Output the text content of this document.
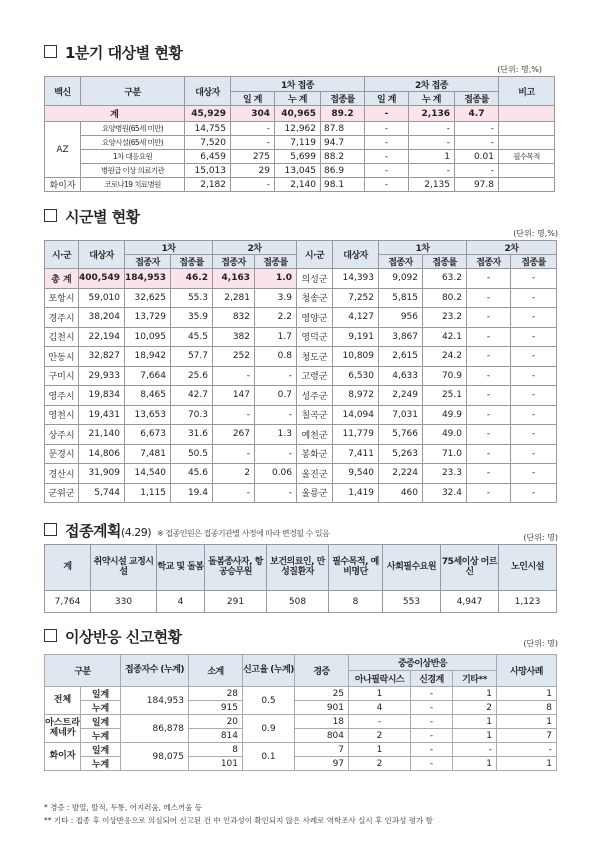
1분기 대상별 현황
(단위: 명,%)
백신	구분	대상자	1차 접종			2차 접종			비고
			일 계	누 계	접종률	일 계	누 계	접종률	
계		45,929	304	40,965	89.2	-	2,136	4.7	
AZ	요양병원(65세 미만)	14,755	-	12,962	87.8	-	-	-	
	요양시설(65세 미만)	7,520	-	7,119	94.7	-	-	-	
	1차 대응요원	6,459	275	5,699	88.2	-	1	0.01	필수목적
	병원급 이상 의료기관	15,013	29	13,045	86.9	-	-	-	
화이자	코로나19 치료병원	2,182	-	2,140	98.1	-	2,135	97.8	
시군별 현황
(단위: 명,%)
시·군	대상자	1차		2차		시·군	대상자	1차		2차	
		접종자	접종률	접종자	접종률			접종자	접종률	접종자	접종률
총 계	400,549	184,953	46.2	4,163	1.0	의성군	14,393	9,092	63.2	-	-
포항시	59,010	32,625	55.3	2,281	3.9	청송군	7,252	5,815	80.2	-	-
경주시	38,204	13,729	35.9	832	2.2	영양군	4,127	956	23.2	-	-
김천시	22,194	10,095	45.5	382	1.7	영덕군	9,191	3,867	42.1	-	-
안동시	32,827	18,942	57.7	252	0.8	청도군	10,809	2,615	24.2	-	-
구미시	29,933	7,664	25.6	-	-	고령군	6,530	4,633	70.9	-	-
영주시	19,834	8,465	42.7	147	0.7	성주군	8,972	2,249	25.1	-	-
영천시	19,431	13,653	70.3	-	-	칠곡군	14,094	7,031	49.9	-	-
상주시	21,140	6,673	31.6	267	1.3	예천군	11,779	5,766	49.0	-	-
문경시	14,806	7,481	50.5	-	-	봉화군	7,411	5,263	71.0	-	-
경산시	31,909	14,540	45.6	2	0.06	울진군	9,540	2,224	23.3	-	-
군위군	5,744	1,115	19.4	-	-	울릉군	1,419	460	32.4	-	-
접종계획(4.29) ※ 접종인원은 접종기관별 사정에 따라 변경될 수 있음	(단위: 명)
계	취약시설 교정시설	학교 및 돌봄	돌봄종사자, 항공승무원	보건의료인, 만성질환자	필수목적, 예비명단	사회필수요원	75세이상 어르신	노인시설
7,764	330	4	291	508	8	553	4,947	1,123
이상반응 신고현황	(단위: 명)
구분		접종자수 (누계)	소계	신고율 (누계)	경증	중증이상반응			사망사례
						아나필락시스	신경계	기타**	
전체	일계	184,953	28	0.5	25	1	-	1	1
	누계		915		901	4	-	2	8
아스트라 제네카	일계	86,878	20	0.9	18	-	-	1	1
	누계		814		804	2	-	1	7
화이자	일계	98,075	8	0.1	7	1	-	-	-
	누계		101		97	2	-	1	1
* 경증 : 발열, 발적, 두통, 어지러움, 메스꺼움 등
** 기타 : 접종 후 이상반응으로 의심되어 신고된 건 中 인과성이 확인되지 않은 사례로 역학조사 실시 후 인과성 평가 함
